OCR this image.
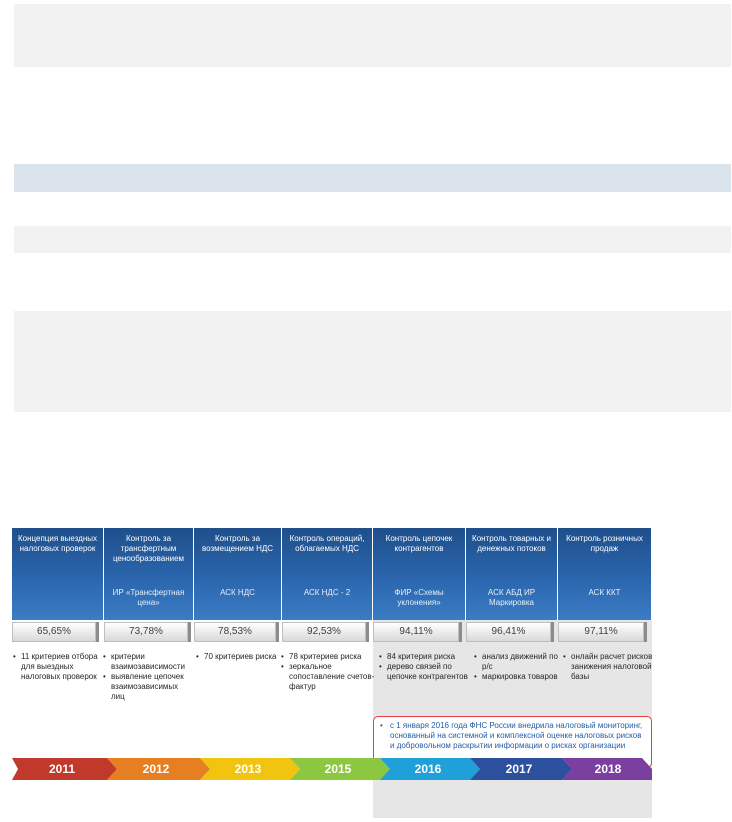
Концепция выездных налоговых проверок
Контроль за трансфертным ценообразованием
ИР «Трансфертная цена»
Контроль за возмещением НДС
АСК НДС
Контроль операций, облагаемых НДС
АСК НДС - 2
Контроль цепочек контрагентов
ФИР «Схемы уклонения»
Контроль товарных и денежных потоков
АСК АБД ИР Маркировка
Контроль розничных продаж
АСК ККТ
65,65%	73,78%	78,53%	92,53%	94,11%	96,41%	97,11%
• 11 критериев отбора для выездных налоговых проверок
• критерии взаимозависимости
• выявление цепочек взаимозависимых лиц
• 70 критериев риска
•	78 критериев риска
• зеркальное сопоставление счетов-фактур
• 84 критерия риска
• дерево связей по цепочке контрагентов
• анализ движений по р/с
• маркировка товаров
• онлайн расчет рисков занижения налоговой базы
• с 1 января 2016 года ФНС России внедрила налоговый мониторинг, основанный на системной и комплексной оценке налоговых рисков и добровольном раскрытии информации о рисках организации
2011	2012	2013	2015	2016	2017	2018
